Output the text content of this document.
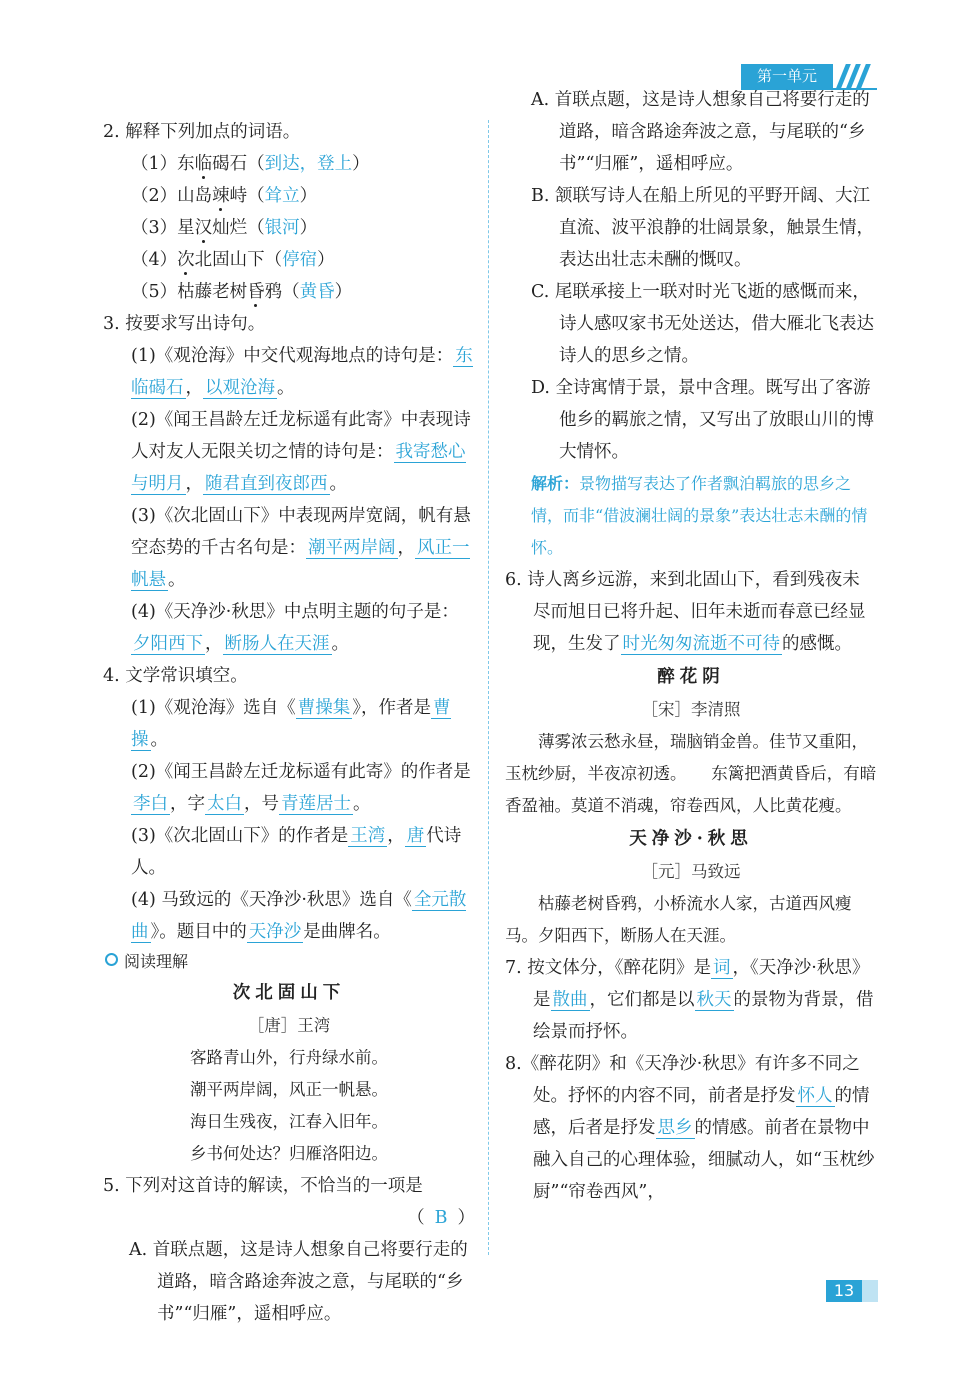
第一单元

2. 解释下列加点的词语。

（1）东临碣石（到达，登上）

（2）山岛竦峙（耸立）

（3）星汉灿烂（银河）

（4）次北固山下（停宿）

（5）枯藤老树昏鸦（黄昏）

3. 按要求写出诗句。

(1)《观沧海》中交代观海地点的诗句是： 东临碣石 ， 以观沧海 。

(2)《闻王昌龄左迁龙标遥有此寄》中表现诗人对友人无限关切之情的诗句是： 我寄愁心与明月 ， 随君直到夜郎西 。

(3)《次北固山下》中表现两岸宽阔，帆有悬空态势的千古名句是： 潮平两岸阔 ， 风正一帆悬 。

(4)《天净沙·秋思》中点明主题的句子是：夕阳西下 ， 断肠人在天涯 。

4. 文学常识填空。

(1)《观沧海》选自《 曹操集 》，作者是 曹操 。

(2)《闻王昌龄左迁龙标遥有此寄》的作者是李白 ，字 太白 ，号 青莲居士 。

(3)《次北固山下》的作者是 王湾 ， 唐 代诗人。

(4) 马致远的《天净沙·秋思》选自《 全元散曲 》。题目中的 天净沙 是曲牌名。

阅读理解
次北固山下
［唐］王湾
客路青山外，行舟绿水前。
潮平两岸阔，风正一帆悬。
海日生残夜，江春入旧年。
乡书何处达？归雁洛阳边。

5. 下列对这首诗的解读，不恰当的一项是

（ B ）

A. 首联点题，这是诗人想象自己将要行走的道路，暗含路途奔波之意，与尾联的“乡书”“归雁”，遥相呼应。

A. 首联点题，这是诗人想象自己将要行走的道路，暗含路途奔波之意，与尾联的“乡书”“归雁”，遥相呼应。

B. 颔联写诗人在船上所见的平野开阔、大江直流、波平浪静的壮阔景象，触景生情，表达出壮志未酬的慨叹。

C. 尾联承接上一联对时光飞逝的感慨而来，诗人感叹家书无处送达，借大雁北飞表达诗人的思乡之情。

D. 全诗寓情于景，景中含理。既写出了客游他乡的羁旅之情，又写出了放眼山川的博大情怀。

解析：景物描写表达了作者飘泊羁旅的思乡之情，而非“借波澜壮阔的景象”表达壮志未酬的情怀。

6. 诗人离乡远游，来到北固山下，看到残夜未尽而旭日已将升起、旧年未逝而春意已经显现，生发了 时光匆匆流逝不可待 的感慨。

醉花阴
［宋］李清照

薄雾浓云愁永昼，瑞脑销金兽。佳节又重阳，玉枕纱厨，半夜凉初透。　　东篱把酒黄昏后，有暗香盈袖。莫道不消魂，帘卷西风，人比黄花瘦。

天净沙·秋思
［元］马致远

枯藤老树昏鸦，小桥流水人家，古道西风瘦马。夕阳西下，断肠人在天涯。

7. 按文体分，《醉花阴》是 词 ，《天净沙·秋思》是 散曲 ，它们都是以 秋天 的景物为背景，借绘景而抒怀。

8.《醉花阴》和《天净沙·秋思》有许多不同之处。抒怀的内容不同，前者是抒发 怀人 的情感，后者是抒发 思乡 的情感。前者在景物中融入自己的心理体验，细腻动人，如“玉枕纱厨”“帘卷西风”，

13
